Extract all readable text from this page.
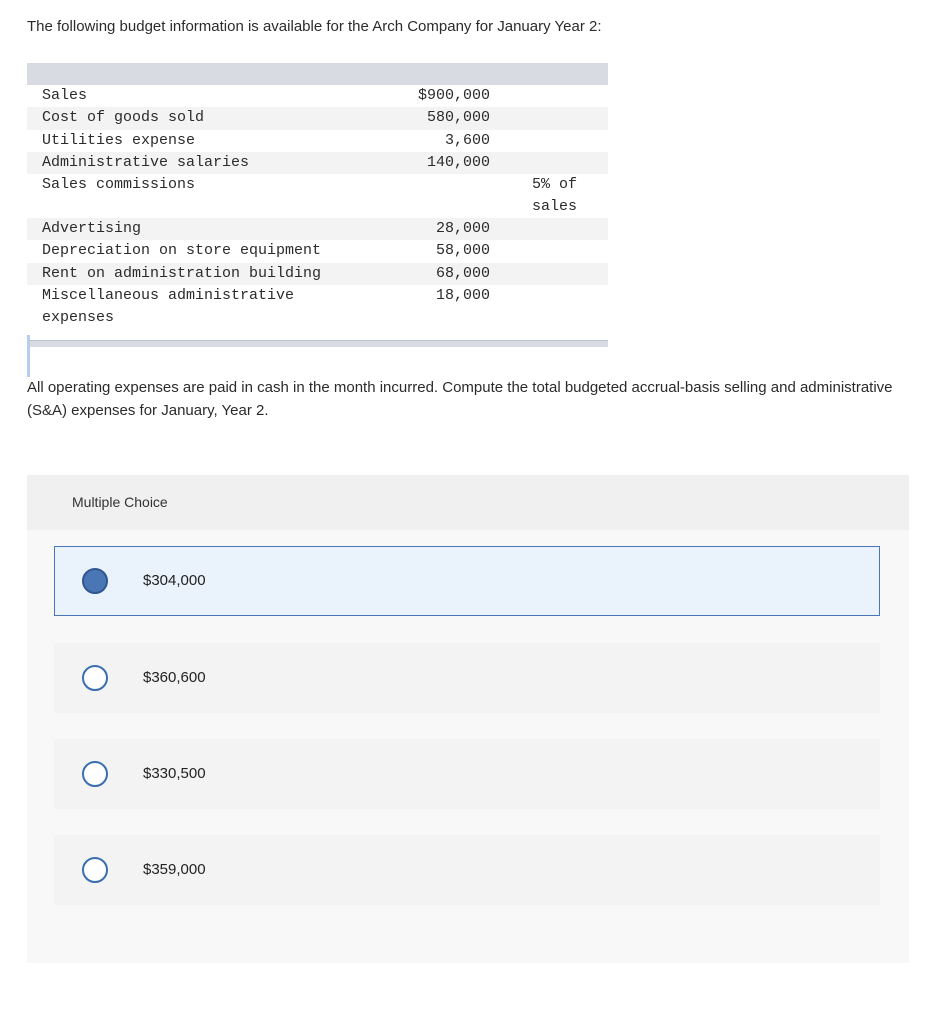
The following budget information is available for the Arch Company for January Year 2:
Sales	$900,000	
Cost of goods sold	580,000	
Utilities expense	3,600	
Administrative salaries	140,000	
Sales commissions		5% of sales
Advertising	28,000	
Depreciation on store equipment	58,000	
Rent on administration building	68,000	
Miscellaneous administrative	18,000	
expenses		
All operating expenses are paid in cash in the month incurred. Compute the total budgeted accrual-basis selling and administrative (S&A) expenses for January, Year 2.
Multiple Choice
$304,000
$360,600
$330,500
$359,000
